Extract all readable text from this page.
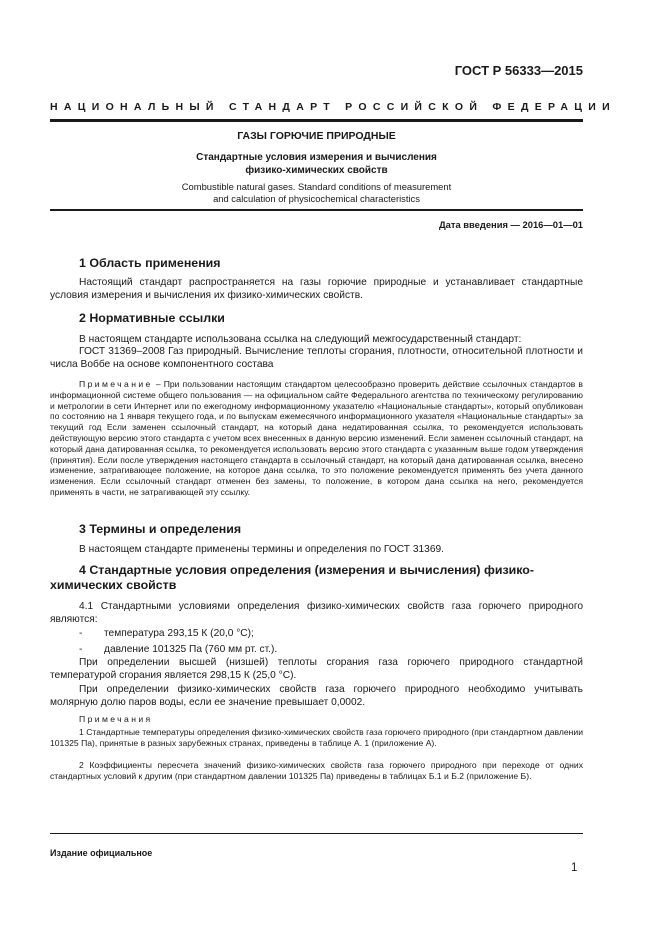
ГОСТ Р 56333—2015
НАЦИОНАЛЬНЫЙ СТАНДАРТ РОССИЙСКОЙ ФЕДЕРАЦИИ
ГАЗЫ ГОРЮЧИЕ ПРИРОДНЫЕ
Стандартные условия измерения и вычисления
физико-химических свойств
Combustible natural gases. Standard conditions of measurement
and calculation of physicochemical characteristics
Дата введения — 2016—01—01
1 Область применения

Настоящий стандарт распространяется на газы горючие природные и устанавливает стандартные условия измерения и вычисления их физико-химических свойств.

2 Нормативные ссылки

В настоящем стандарте использована ссылка на следующий межгосударственный стандарт:

ГОСТ 31369–2008 Газ природный. Вычисление теплоты сгорания, плотности, относительной плотности и числа Воббе на основе компонентного состава

Примечание – При пользовании настоящим стандартом целесообразно проверить действие ссылочных стандартов в информационной системе общего пользования — на официальном сайте Федерального агентства по техническому регулированию и метрологии в сети Интернет или по ежегодному информационному указателю «Национальные стандарты», который опубликован по состоянию на 1 января текущего года, и по выпускам ежемесячного информационного указателя «Национальные стандарты» за текущий год Если заменен ссылочный стандарт, на который дана недатированная ссылка, то рекомендуется использовать действующую версию этого стандарта с учетом всех внесенных в данную версию изменений. Если заменен ссылочный стандарт, на который дана датированная ссылка, то рекомендуется использовать версию этого стандарта с указанным выше годом утверждения (принятия). Если после утверждения настоящего стандарта в ссылочный стандарт, на который дана датированная ссылка, внесено изменение, затрагивающее положение, на которое дана ссылка, то это положение рекомендуется применять без учета данного изменения. Если ссылочный стандарт отменен без замены, то положение, в котором дана ссылка на него, рекомендуется применять в части, не затрагивающей эту ссылку.

3 Термины и определения

В настоящем стандарте применены термины и определения по ГОСТ 31369.

4 Стандартные условия определения (измерения и вычисления) физико-
химических свойств

4.1 Стандартными условиями определения физико-химических свойств газа горючего природного являются:

- температура 293,15 К (20,0 °С);
- давление 101325 Па (760 мм рт. ст.).

При определении высшей (низшей) теплоты сгорания газа горючего природного стандартной температурой сгорания является 298,15 К (25,0 °С).

При определении физико-химических свойств газа горючего природного необходимо учитывать молярную долю паров воды, если ее значение превышает 0,0002.

Примечания

1 Стандартные температуры определения физико-химических свойств газа горючего природного (при стандартном давлении 101325 Па), принятые в разных зарубежных странах, приведены в таблице А. 1 (приложение А).

2 Коэффициенты пересчета значений физико-химических свойств газа горючего природного при переходе от одних стандартных условий к другим (при стандартном давлении 101325 Па) приведены в таблицах Б.1 и Б.2 (приложение Б).

Издание официальное
1
